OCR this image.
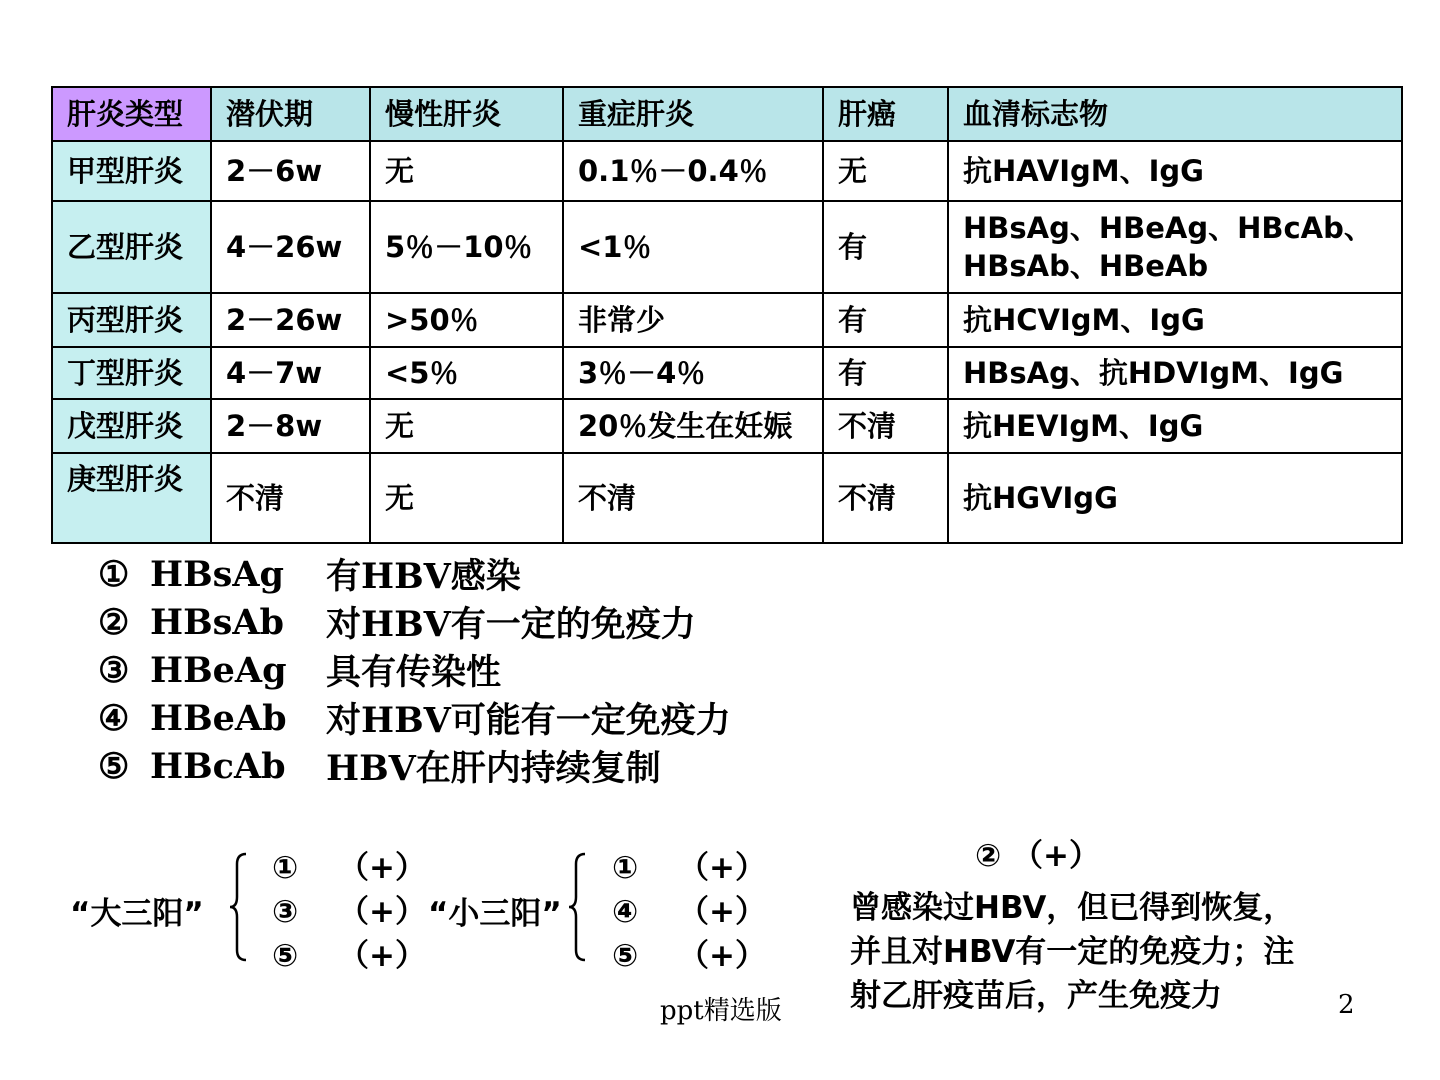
肝炎类型	潜伏期	慢性肝炎	重症肝炎	肝癌	血清标志物
甲型肝炎	2－6w	无	0.1％－0.4％	无	抗HAVIgM、IgG
乙型肝炎	4－26w	5％－10％	<1％	有	HBsAg、HBeAg、HBcAb、HBsAb、HBeAb
丙型肝炎	2－26w	>50％	非常少	有	抗HCVIgM、IgG
丁型肝炎	4－7w	<5％	3％－4％	有	HBsAg、抗HDVIgM、IgG
戊型肝炎	2－8w	无	20％发生在妊娠	不清	抗HEVIgM、IgG
庚型肝炎	不清	无	不清	不清	抗HGVIgG
① HBsAg	有HBV感染
② HBsAb	对HBV有一定的免疫力
③ HBeAg	具有传染性
④ HBeAb	对HBV可能有一定免疫力
⑤ HBcAb	HBV在肝内持续复制
“大三阳”
① （+）
③ （+）
⑤ （+）
“小三阳”
① （+）
④ （+）
⑤ （+）
② （+）
曾感染过HBV，但已得到恢复，
并且对HBV有一定的免疫力；注
射乙肝疫苗后，产生免疫力
ppt精选版	2
